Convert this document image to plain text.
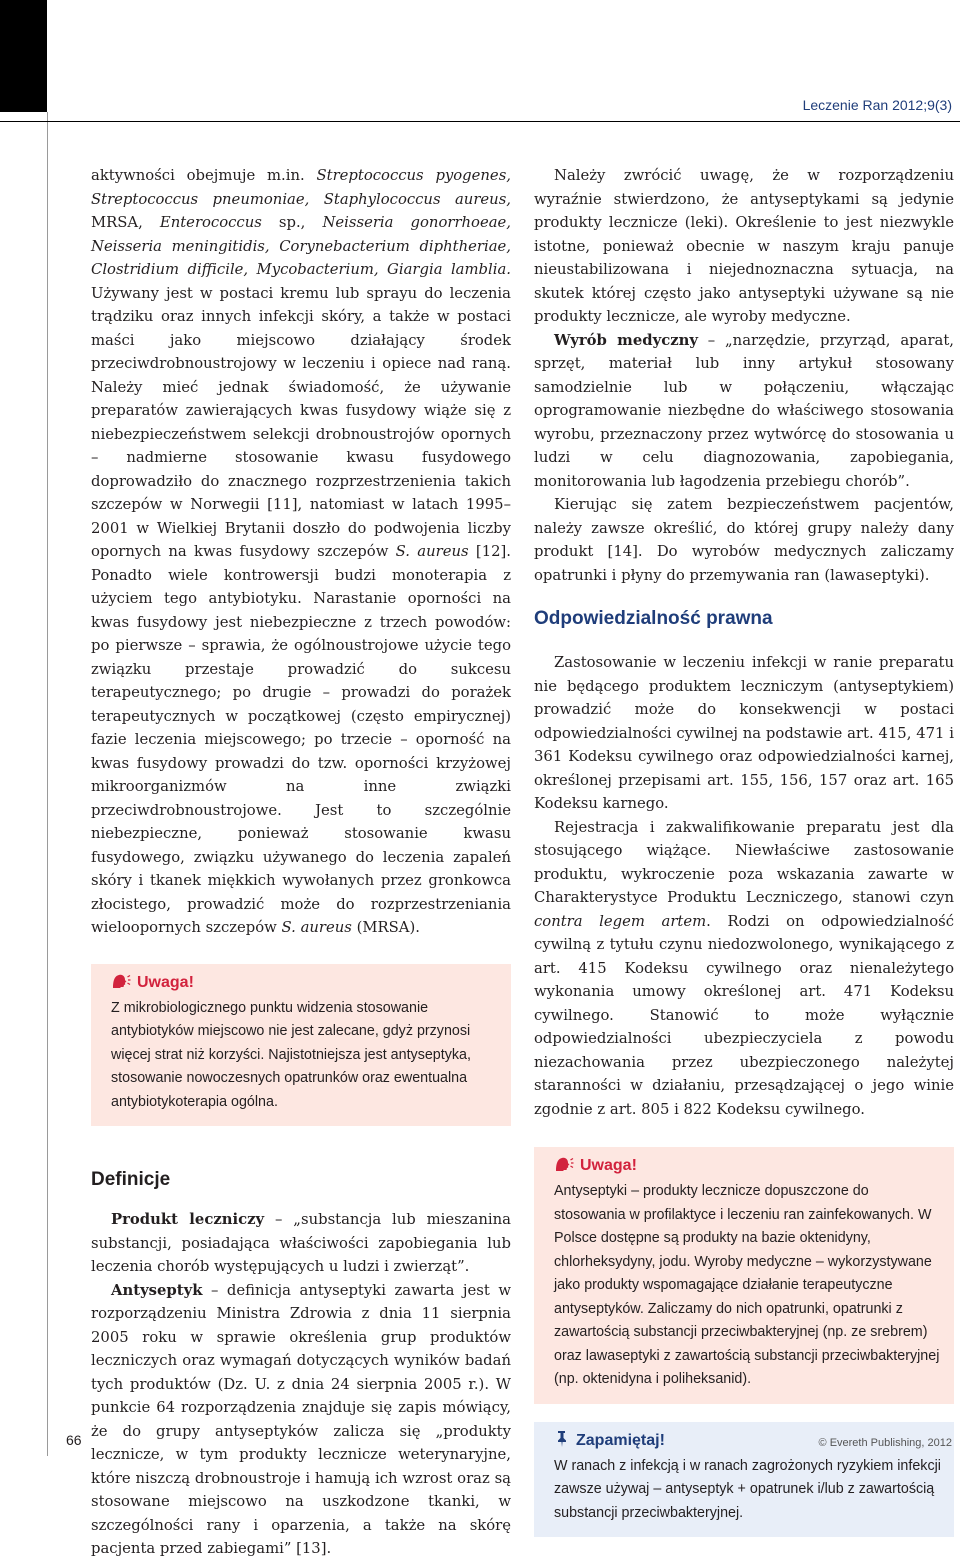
Leczenie Ran 2012;9(3)

aktywności obejmuje m.in. Streptococcus pyogenes, Streptococcus pneumoniae, Staphylococcus aureus, MRSA, Enterococcus sp., Neisseria gonorrhoeae, Neisseria meningitidis, Corynebacterium diphtheriae, Clostridium difficile, Mycobacterium, Giargia lamblia. Używany jest w postaci kremu lub sprayu do leczenia trądziku oraz innych infekcji skóry, a także w postaci maści jako miejscowo działający środek przeciwdrobnoustrojowy w leczeniu i opiece nad raną. Należy mieć jednak świadomość, że używanie preparatów zawierających kwas fusydowy wiąże się z niebezpieczeństwem selekcji drobnoustrojów opornych – nadmierne stosowanie kwasu fusydowego doprowadziło do znacznego rozprzestrzenienia takich szczepów w Norwegii [11], natomiast w latach 1995–2001 w Wielkiej Brytanii doszło do podwojenia liczby opornych na kwas fusydowy szczepów S. aureus [12]. Ponadto wiele kontrowersji budzi monoterapia z użyciem tego antybiotyku. Narastanie oporności na kwas fusydowy jest niebezpieczne z trzech powodów: po pierwsze – sprawia, że ogólnoustrojowe użycie tego związku przestaje prowadzić do sukcesu terapeutycznego; po drugie – prowadzi do porażek terapeutycznych w początkowej (często empirycznej) fazie leczenia miejscowego; po trzecie – oporność na kwas fusydowy prowadzi do tzw. oporności krzyżowej mikroorganizmów na inne związki przeciwdrobnoustrojowe. Jest to szczególnie niebezpieczne, ponieważ stosowanie kwasu fusydowego, związku używanego do leczenia zapaleń skóry i tkanek miękkich wywołanych przez gronkowca złocistego, prowadzić może do rozprzestrzeniania wieloopornych szczepów S. aureus (MRSA).

Uwaga!

Z mikrobiologicznego punktu widzenia stosowanie antybiotyków miejscowo nie jest zalecane, gdyż przynosi więcej strat niż korzyści. Najistotniejsza jest antyseptyka, stosowanie nowoczesnych opatrunków oraz ewentualna antybiotykoterapia ogólna.

Definicje

Produkt leczniczy – „substancja lub mieszanina substancji, posiadająca właściwości zapobiegania lub leczenia chorób występujących u ludzi i zwierząt”.

Antyseptyk – definicja antyseptyki zawarta jest w rozporządzeniu Ministra Zdrowia z dnia 11 sierpnia 2005 roku w sprawie określenia grup produktów leczniczych oraz wymagań dotyczących wyników badań tych produktów (Dz. U. z dnia 24 sierpnia 2005 r.). W punkcie 64 rozporządzenia znajduje się zapis mówiący, że do grupy antyseptyków zalicza się „produkty lecznicze, w tym produkty lecznicze weterynaryjne, które niszczą drobnoustroje i hamują ich wzrost oraz są stosowane miejscowo na uszkodzone tkanki, w szczególności rany i oparzenia, a także na skórę pacjenta przed zabiegami” [13].

Należy zwrócić uwagę, że w rozporządzeniu wyraźnie stwierdzono, że antyseptykami są jedynie produkty lecznicze (leki). Określenie to jest niezwykle istotne, ponieważ obecnie w naszym kraju panuje nieustabilizowana i niejednoznaczna sytuacja, na skutek której często jako antyseptyki używane są nie produkty lecznicze, ale wyroby medyczne.

Wyrób medyczny – „narzędzie, przyrząd, aparat, sprzęt, materiał lub inny artykuł stosowany samodzielnie lub w połączeniu, włączając oprogramowanie niezbędne do właściwego stosowania wyrobu, przeznaczony przez wytwórcę do stosowania u ludzi w celu diagnozowania, zapobiegania, monitorowania lub łagodzenia przebiegu chorób”.

Kierując się zatem bezpieczeństwem pacjentów, należy zawsze określić, do której grupy należy dany produkt [14]. Do wyrobów medycznych zaliczamy opatrunki i płyny do przemywania ran (lawaseptyki).

Odpowiedzialność prawna

Zastosowanie w leczeniu infekcji w ranie preparatu nie będącego produktem leczniczym (antyseptykiem) prowadzić może do konsekwencji w postaci odpowiedzialności cywilnej na podstawie art. 415, 471 i 361 Kodeksu cywilnego oraz odpowiedzialności karnej, określonej przepisami art. 155, 156, 157 oraz art. 165 Kodeksu karnego.

Rejestracja i zakwalifikowanie preparatu jest dla stosującego wiążące. Niewłaściwe zastosowanie produktu, wykroczenie poza wskazania zawarte w Charakterystyce Produktu Leczniczego, stanowi czyn contra legem artem. Rodzi on odpowiedzialność cywilną z tytułu czynu niedozwolonego, wynikającego z art. 415 Kodeksu cywilnego oraz nienależytego wykonania umowy określonej art. 471 Kodeksu cywilnego. Stanowić to może wyłącznie odpowiedzialności ubezpieczyciela z powodu niezachowania przez ubezpieczonego należytej staranności w działaniu, przesądzającej o jego winie zgodnie z art. 805 i 822 Kodeksu cywilnego.

Uwaga!

Antyseptyki – produkty lecznicze dopuszczone do stosowania w profilaktyce i leczeniu ran zainfekowanych. W Polsce dostępne są produkty na bazie oktenidyny, chlorheksydyny, jodu. Wyroby medyczne – wykorzystywane jako produkty wspomagające działanie terapeutyczne antyseptyków. Zaliczamy do nich opatrunki, opatrunki z zawartością substancji przeciwbakteryjnej (np. ze srebrem) oraz lawaseptyki z zawartością substancji przeciwbakteryjnej (np. oktenidyna i poliheksanid).

Zapamiętaj!

W ranach z infekcją i w ranach zagrożonych ryzykiem infekcji zawsze używaj – antyseptyk + opatrunek i/lub z zawartością substancji przeciwbakteryjnej.

66	© Evereth Publishing, 2012
